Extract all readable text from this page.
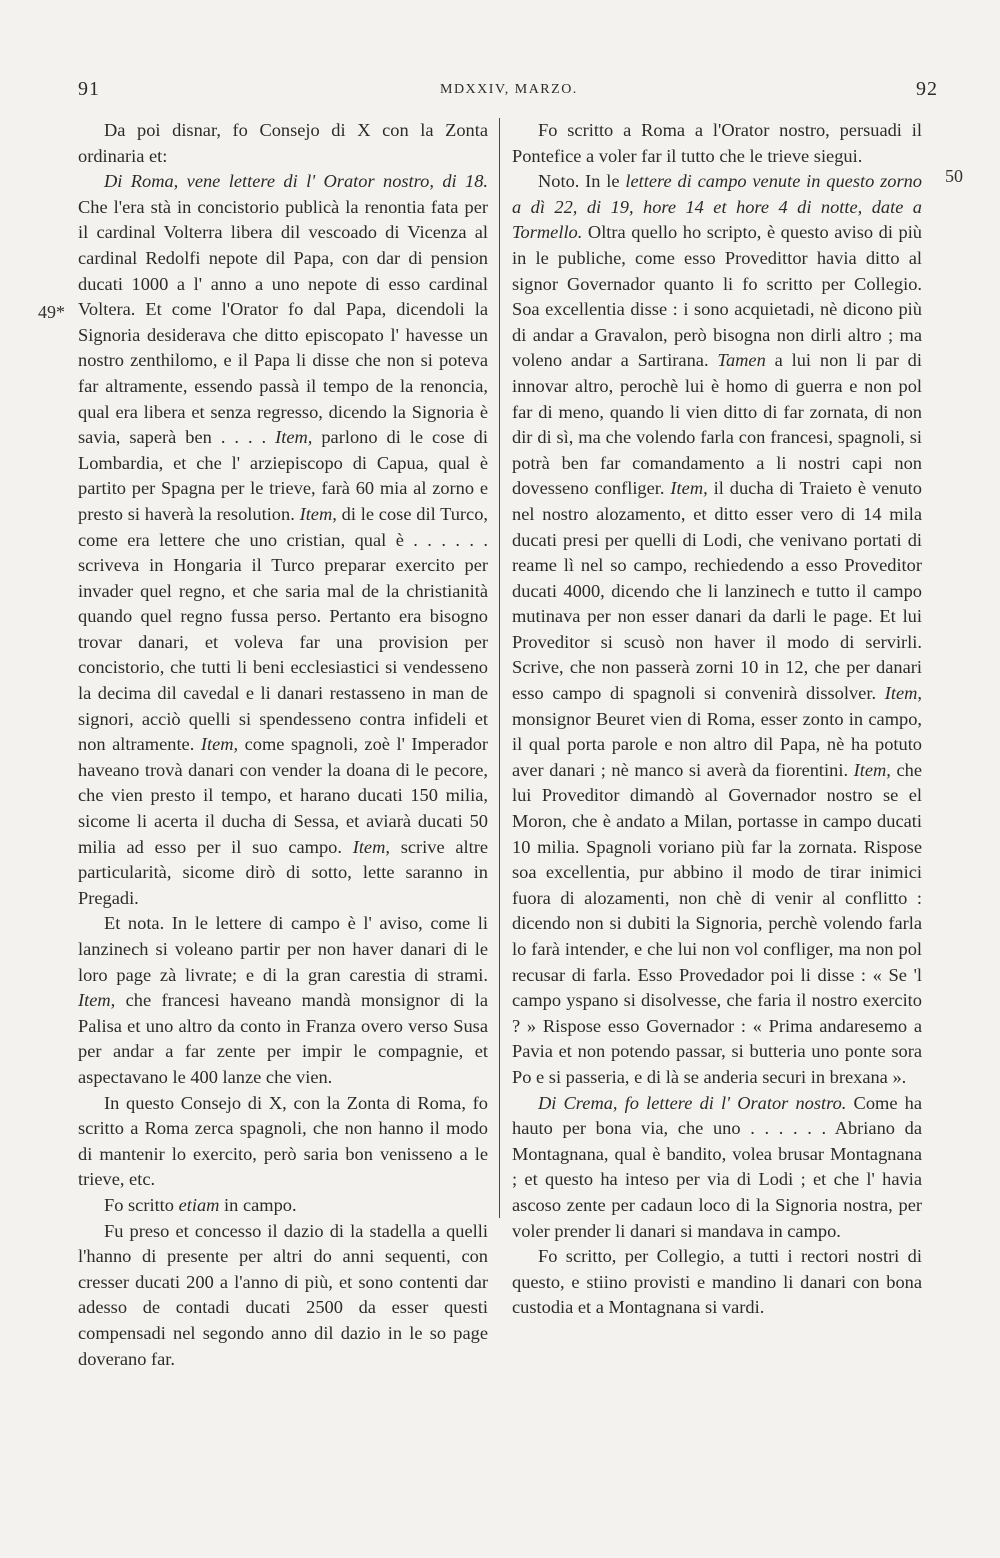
91	MDXXIV, MARZO.	92
49*
50

Da poi disnar, fo Consejo di X con la Zonta ordinaria et:

Di Roma, vene lettere di l' Orator nostro, di 18. Che l'era stà in concistorio publicà la renontia fata per il cardinal Volterra libera dil vescoado di Vicenza al cardinal Redolfi nepote dil Papa, con dar di pension ducati 1000 a l' anno a uno nepote di esso cardinal Voltera. Et come l'Orator fo dal Papa, dicendoli la Signoria desiderava che ditto episcopato l' havesse un nostro zenthilomo, e il Papa li disse che non si poteva far altramente, essendo passà il tempo de la renoncia, qual era libera et senza regresso, dicendo la Signoria è savia, saperà ben . . . . Item, parlono di le cose di Lombardia, et che l' arziepiscopo di Capua, qual è partito per Spagna per le trieve, farà 60 mia al zorno e presto si haverà la resolution. Item, di le cose dil Turco, come era lettere che uno cristian, qual è . . . . . . scriveva in Hongaria il Turco preparar exercito per invader quel regno, et che saria mal de la christianità quando quel regno fussa perso. Pertanto era bisogno trovar danari, et voleva far una provision per concistorio, che tutti li beni ecclesiastici si vendesseno la decima dil cavedal e li danari restasseno in man de signori, acciò quelli si spendesseno contra infideli et non altramente. Item, come spagnoli, zoè l' Imperador haveano trovà danari con vender la doana di le pecore, che vien presto il tempo, et harano ducati 150 milia, sicome li acerta il ducha di Sessa, et aviarà ducati 50 milia ad esso per il suo campo. Item, scrive altre particularità, sicome dirò di sotto, lette saranno in Pregadi.

Et nota. In le lettere di campo è l' aviso, come li lanzinech si voleano partir per non haver danari di le loro page zà livrate; e di la gran carestia di strami. Item, che francesi haveano mandà monsignor di la Palisa et uno altro da conto in Franza overo verso Susa per andar a far zente per impir le compagnie, et aspectavano le 400 lanze che vien.

In questo Consejo di X, con la Zonta di Roma, fo scritto a Roma zerca spagnoli, che non hanno il modo di mantenir lo exercito, però saria bon venisseno a le trieve, etc.

Fo scritto etiam in campo.

Fu preso et concesso il dazio di la stadella a quelli l'hanno di presente per altri do anni sequenti, con cresser ducati 200 a l'anno di più, et sono contenti dar adesso de contadi ducati 2500 da esser questi compensadi nel segondo anno dil dazio in le so page doverano far.

Fo scritto a Roma a l'Orator nostro, persuadi il Pontefice a voler far il tutto che le trieve siegui.

Noto. In le lettere di campo venute in questo zorno a dì 22, di 19, hore 14 et hore 4 di notte, date a Tormello. Oltra quello ho scripto, è questo aviso di più in le publiche, come esso Provedittor havia ditto al signor Governador quanto li fo scritto per Collegio. Soa excellentia disse : i sono acquietadi, nè dicono più di andar a Gravalon, però bisogna non dirli altro ; ma voleno andar a Sartirana. Tamen a lui non li par di innovar altro, perochè lui è homo di guerra e non pol far di meno, quando li vien ditto di far zornata, di non dir di sì, ma che volendo farla con francesi, spagnoli, si potrà ben far comandamento a li nostri capi non dovesseno confliger. Item, il ducha di Traieto è venuto nel nostro alozamento, et ditto esser vero di 14 mila ducati presi per quelli di Lodi, che venivano portati di reame lì nel so campo, rechiedendo a esso Proveditor ducati 4000, dicendo che li lanzinech e tutto il campo mutinava per non esser danari da darli le page. Et lui Proveditor si scusò non haver il modo di servirli. Scrive, che non passerà zorni 10 in 12, che per danari esso campo di spagnoli si convenirà dissolver. Item, monsignor Beuret vien di Roma, esser zonto in campo, il qual porta parole e non altro dil Papa, nè ha potuto aver danari ; nè manco si averà da fiorentini. Item, che lui Proveditor dimandò al Governador nostro se el Moron, che è andato a Milan, portasse in campo ducati 10 milia. Spagnoli voriano più far la zornata. Rispose soa excellentia, pur abbino il modo de tirar inimici fuora di alozamenti, non chè di venir al conflitto : dicendo non si dubiti la Signoria, perchè volendo farla lo farà intender, e che lui non vol confliger, ma non pol recusar di farla. Esso Provedador poi li disse : « Se 'l campo yspano si disolvesse, che faria il nostro exercito ? » Rispose esso Governador : « Prima andaresemo a Pavia et non potendo passar, si butteria uno ponte sora Po e si passeria, e di là se anderia securi in brexana ».

Di Crema, fo lettere di l' Orator nostro. Come ha hauto per bona via, che uno . . . . . . Abriano da Montagnana, qual è bandito, volea brusar Montagnana ; et questo ha inteso per via di Lodi ; et che l' havia ascoso zente per cadaun loco di la Signoria nostra, per voler prender li danari si mandava in campo.

Fo scritto, per Collegio, a tutti i rectori nostri di questo, e stiino provisti e mandino li danari con bona custodia et a Montagnana si vardi.
